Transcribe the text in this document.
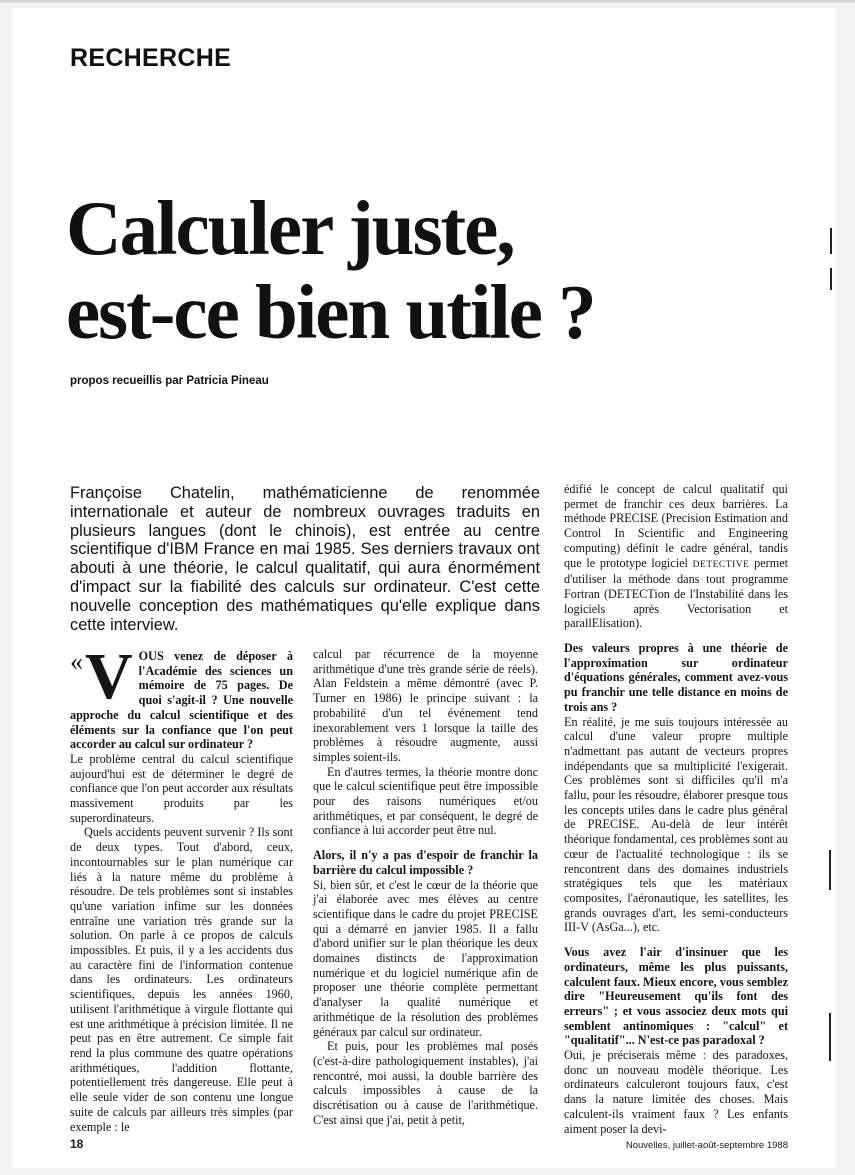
RECHERCHE
Calculer juste,
est-ce bien utile ?
propos recueillis par Patricia Pineau
Françoise Chatelin, mathématicienne de renommée internationale et auteur de nombreux ouvrages traduits en plusieurs langues (dont le chinois), est entrée au centre scientifique d'IBM France en mai 1985. Ses derniers travaux ont abouti à une théorie, le calcul qualitatif, qui aura énormément d'impact sur la fiabilité des calculs sur ordinateur. C'est cette nouvelle conception des mathématiques qu'elle explique dans cette interview.
« V OUS venez de déposer à l'Académie des sciences un mémoire de 75 pages. De quoi s'agit-il ? Une nouvelle approche du calcul scientifique et des éléments sur la confiance que l'on peut accorder au calcul sur ordinateur ?

Le problème central du calcul scientifique aujourd'hui est de déterminer le degré de confiance que l'on peut accorder aux résultats massivement produits par les superordinateurs.

Quels accidents peuvent survenir ? Ils sont de deux types. Tout d'abord, ceux, incontournables sur le plan numérique car liés à la nature même du problème à résoudre. De tels problèmes sont si instables qu'une variation infime sur les données entraîne une variation très grande sur la solution. On parle à ce propos de calculs impossibles. Et puis, il y a les accidents dus au caractère fini de l'information contenue dans les ordinateurs. Les ordinateurs scientifiques, depuis les années 1960, utilisent l'arithmétique à virgule flottante qui est une arithmétique à précision limitée. Il ne peut pas en être autrement. Ce simple fait rend la plus commune des quatre opérations arithmétiques, l'addition flottante, potentiellement très dangereuse. Elle peut à elle seule vider de son contenu une longue suite de calculs par ailleurs très simples (par exemple : le

calcul par récurrence de la moyenne arithmétique d'une très grande série de réels). Alan Feldstein a même démontré (avec P. Turner en 1986) le principe suivant : la probabilité d'un tel événement tend inexorablement vers 1 lorsque la taille des problèmes à résoudre augmente, aussi simples soient-ils.

En d'autres termes, la théorie montre donc que le calcul scientifique peut être impossible pour des raisons numériques et/ou arithmétiques, et par conséquent, le degré de confiance à lui accorder peut être nul.

Alors, il n'y a pas d'espoir de franchir la barrière du calcul impossible ?

Si, bien sûr, et c'est le cœur de la théorie que j'ai élaborée avec mes élèves au centre scientifique dans le cadre du projet PRECISE qui a démarré en janvier 1985. Il a fallu d'abord unifier sur le plan théorique les deux domaines distincts de l'approximation numérique et du logiciel numérique afin de proposer une théorie complète permettant d'analyser la qualité numérique et arithmétique de la résolution des problèmes généraux par calcul sur ordinateur.

Et puis, pour les problèmes mal posés (c'est-à-dire pathologiquement instables), j'ai rencontré, moi aussi, la double barrière des calculs impossibles à cause de la discrétisation ou à cause de l'arithmétique. C'est ainsi que j'ai, petit à petit,

édifié le concept de calcul qualitatif qui permet de franchir ces deux barrières. La méthode PRECISE (Precision Estimation and Control In Scientific and Engineering computing) définit le cadre général, tandis que le prototype logiciel DETECTIVE permet d'utiliser la méthode dans tout programme Fortran (DETECTion de l'Instabilité dans les logiciels après Vectorisation et parallElisation).

Des valeurs propres à une théorie de l'approximation sur ordinateur d'équations générales, comment avez-vous pu franchir une telle distance en moins de trois ans ?

En réalité, je me suis toujours intéressée au calcul d'une valeur propre multiple n'admettant pas autant de vecteurs propres indépendants que sa multiplicité l'exigerait. Ces problèmes sont si difficiles qu'il m'a fallu, pour les résoudre, élaborer presque tous les concepts utiles dans le cadre plus général de PRECISE. Au-delà de leur intérêt théorique fondamental, ces problèmes sont au cœur de l'actualité technologique : ils se rencontrent dans des domaines industriels stratégiques tels que les matériaux composites, l'aéronautique, les satellites, les grands ouvrages d'art, les semi-conducteurs III-V (AsGa...), etc.

Vous avez l'air d'insinuer que les ordinateurs, même les plus puissants, calculent faux. Mieux encore, vous semblez dire "Heureusement qu'ils font des erreurs" ; et vous associez deux mots qui semblent antinomiques : "calcul" et "qualitatif"... N'est-ce pas paradoxal ?

Oui, je préciserais même : des paradoxes, donc un nouveau modèle théorique. Les ordinateurs calculeront toujours faux, c'est dans la nature limitée des choses. Mais calculent-ils vraiment faux ? Les enfants aiment poser la devi-

18	Nouvelles, juillet-août-septembre 1988
